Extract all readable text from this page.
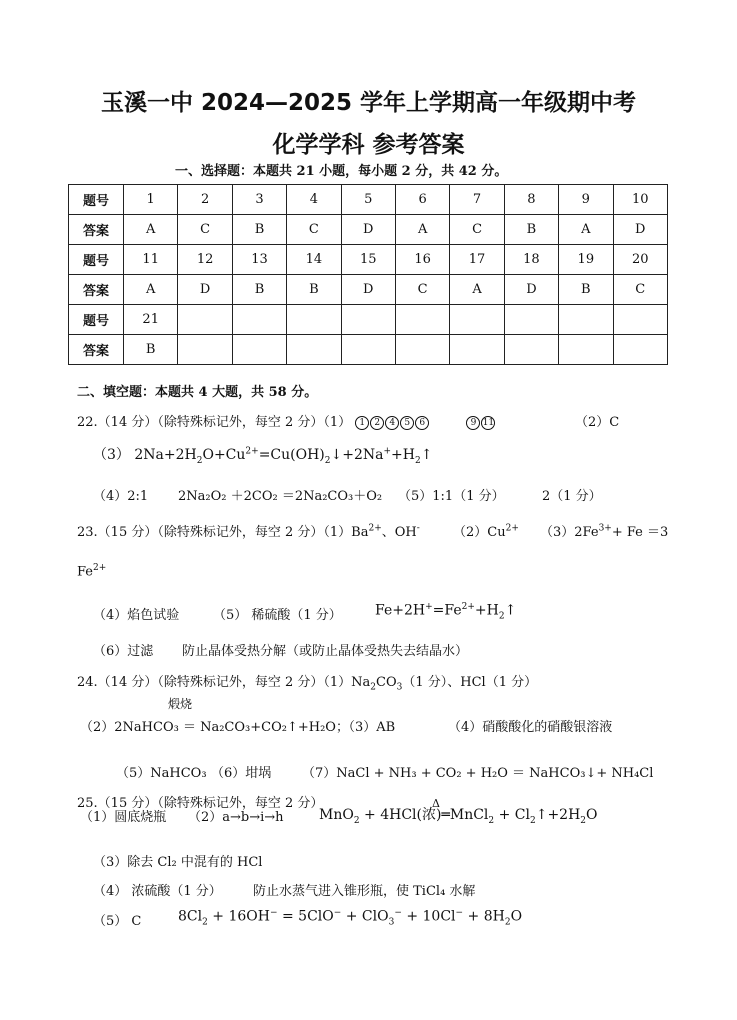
玉溪一中 2024—2025 学年上学期高一年级期中考
化学学科 参考答案
一、选择题：本题共 21 小题，每小题 2 分，共 42 分。
题号	1	2	3	4	5	6	7	8	9	10
答案	A	C	B	C	D	A	C	B	A	D
题号	11	12	13	14	15	16	17	18	19	20
答案	A	D	B	B	D	C	A	D	B	C
题号	21									
答案	B									
二、填空题：本题共 4 大题，共 58 分。
22.（14 分）（除特殊标记外，每空 2 分）（1） 1 2 4 5 6	9 11	（2）C
（3） $2Na+2H_2O+Cu^{2+}=Cu(OH)_2↓+2Na^++H_2↑$
（4）2:1 2Na₂O₂ ＋2CO₂ ＝2Na₂CO₃＋O₂ （5）1:1（1 分）	2（1 分）
23.（15 分）（除特殊标记外，每空 2 分）$(1)Ba^{2+}$、OH-	$(2)Cu^{2+}$ $(3)2Fe^{3+}+ Fe =3$
$Fe^{2+}$
（4）焰色试验	（5） 稀硫酸（1 分） $Fe+2H^+=Fe^{2+}+H_2↑$
（6）过滤 防止晶体受热分解（或防止晶体受热失去结晶水）
24.（14 分）（除特殊标记外，每空 2 分）$(1)Na_2CO_3(1$ 分）、HCl（1 分）
煅烧
（2）2NaHCO₃ ＝ Na₂CO₃+CO₂↑+H₂O；
（3）AB	（4）硝酸酸化的硝酸银溶液
（5）NaHCO₃ （6）坩埚 （7）NaCl + NH₃ + CO₂ + H₂O ＝ NaHCO₃↓+ NH₄Cl
25.（15 分）（除特殊标记外，每空 2 分）
（1）圆底烧瓶 （2）a→b→i→h
Δ
MnO$_2$ + 4HCl(浓)═MnCl$_2$ + $Cl_2↑+2H_2O$
（3）除去 Cl₂ 中混有的 HCl
（4） 浓硫酸（1 分） 防止水蒸气进入锥形瓶，使 TiCl₄ 水解
（5） C	$8Cl_2 + 16OH^- = 5ClO^- + ClO_3^- + 10Cl^- + 8H_2O$
